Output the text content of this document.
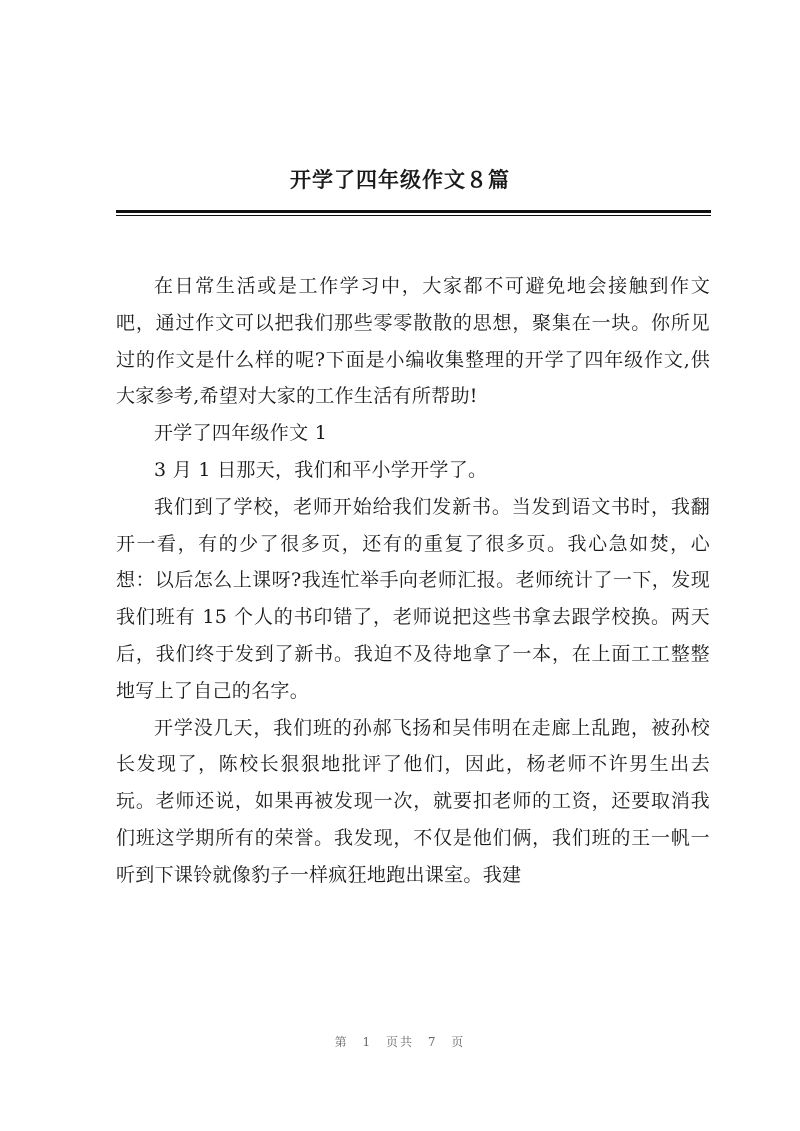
开学了四年级作文８篇

在日常生活或是工作学习中，大家都不可避免地会接触到作文吧，通过作文可以把我们那些零零散散的思想，聚集在一块。你所见过的作文是什么样的呢?下面是小编收集整理的开学了四年级作文,供大家参考,希望对大家的工作生活有所帮助!

开学了四年级作文 1

3 月 1 日那天，我们和平小学开学了。

我们到了学校，老师开始给我们发新书。当发到语文书时，我翻开一看，有的少了很多页，还有的重复了很多页。我心急如焚，心想：以后怎么上课呀?我连忙举手向老师汇报。老师统计了一下，发现我们班有 15 个人的书印错了，老师说把这些书拿去跟学校换。两天后，我们终于发到了新书。我迫不及待地拿了一本，在上面工工整整地写上了自己的名字。

开学没几天，我们班的孙郝飞扬和吴伟明在走廊上乱跑，被孙校长发现了，陈校长狠狠地批评了他们，因此，杨老师不许男生出去玩。老师还说，如果再被发现一次，就要扣老师的工资，还要取消我们班这学期所有的荣誉。我发现，不仅是他们俩，我们班的王一帆一听到下课铃就像豹子一样疯狂地跑出课室。我建

第 1 页共 7 页
